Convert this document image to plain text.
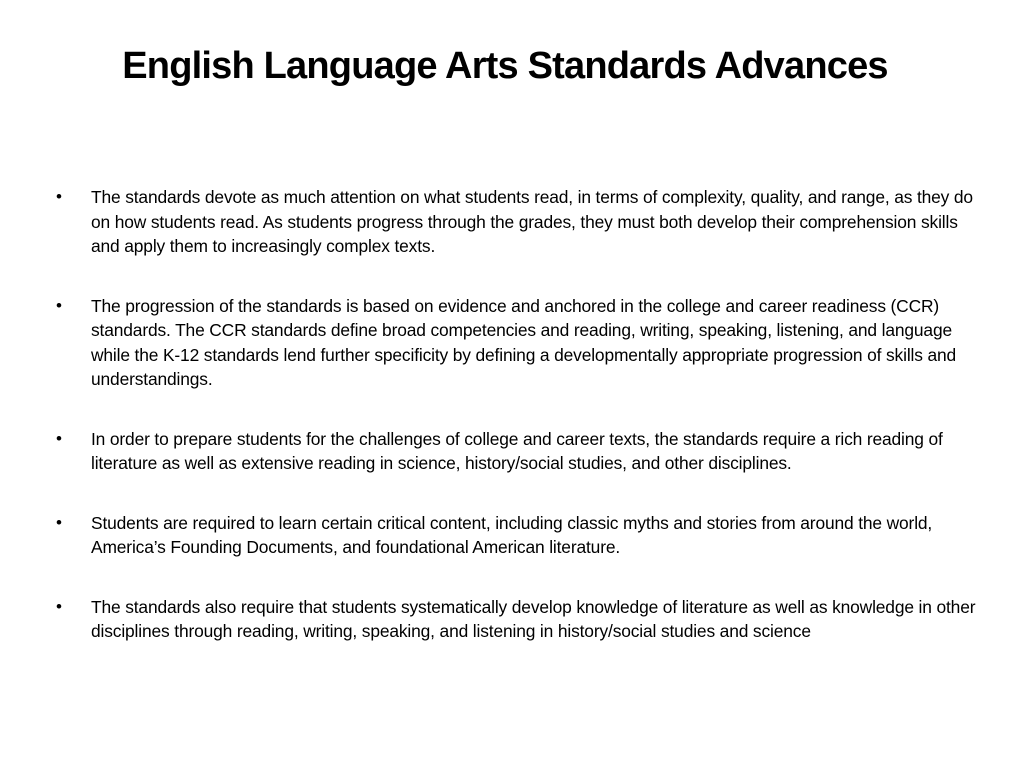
English Language Arts Standards Advances
•	The standards devote as much attention on what students read, in terms of complexity, quality, and range, as they do on how students read. As students progress through the grades, they must both develop their comprehension skills and apply them to increasingly complex texts.
•	The progression of the standards is based on evidence and anchored in the college and career readiness (CCR) standards. The CCR standards define broad competencies and reading, writing, speaking, listening, and language while the K-12 standards lend further specificity by defining a developmentally appropriate progression of skills and understandings.
•	In order to prepare students for the challenges of college and career texts, the standards require a rich reading of literature as well as extensive reading in science, history/social studies, and other disciplines.
•	Students are required to learn certain critical content, including classic myths and stories from around the world, America’s Founding Documents, and foundational American literature.
•	The standards also require that students systematically develop knowledge of literature as well as knowledge in other disciplines through reading, writing, speaking, and listening in history/social studies and science
